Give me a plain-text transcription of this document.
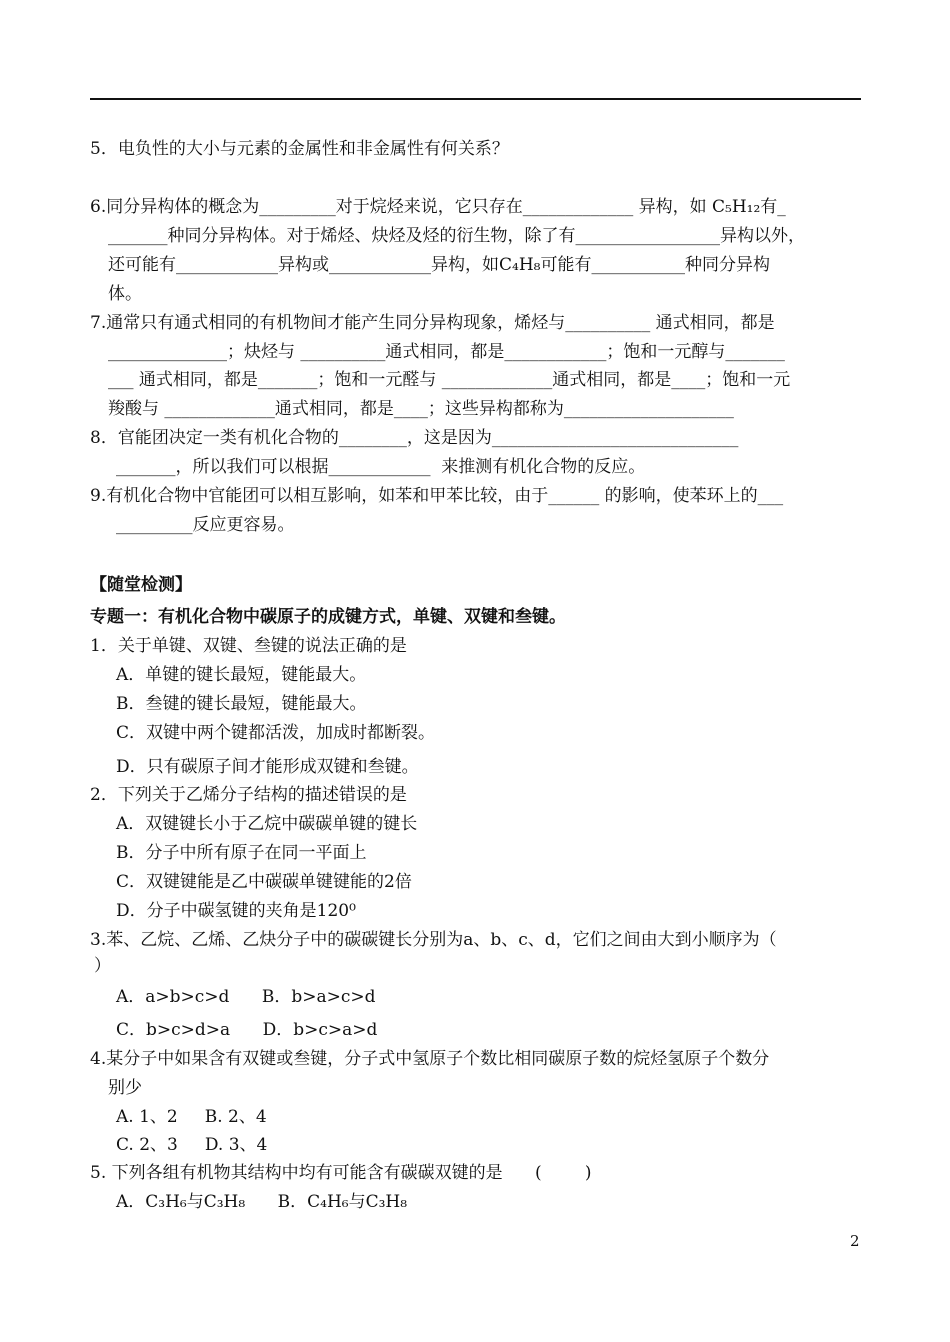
5．电负性的大小与元素的金属性和非金属性有何关系？
6.同分异构体的概念为_________对于烷烃来说，它只存在_____________ 异构，如 C₅H₁₂有_
_______种同分异构体。对于烯烃、炔烃及烃的衍生物，除了有_________________异构以外，
还可能有____________异构或____________异构，如C₄H₈可能有___________种同分异构
体。
7.通常只有通式相同的有机物间才能产生同分异构现象，烯烃与__________ 通式相同，都是
______________；炔烃与 __________通式相同，都是____________；饱和一元醇与_______
___ 通式相同，都是_______；饱和一元醛与 _____________通式相同，都是____；饱和一元
羧酸与 _____________通式相同，都是____；这些异构都称为____________________
8．官能团决定一类有机化合物的________，这是因为_____________________________
_______，所以我们可以根据____________  来推测有机化合物的反应。
9.有机化合物中官能团可以相互影响，如苯和甲苯比较，由于______ 的影响，使苯环上的___
_________反应更容易。
【随堂检测】
专题一：有机化合物中碳原子的成键方式，单键、双键和叁键。
1．关于单键、双键、叁键的说法正确的是
A．单键的键长最短，键能最大。
B．叁键的键长最短，键能最大。
C．双键中两个键都活泼，加成时都断裂。
D．只有碳原子间才能形成双键和叁键。
2．下列关于乙烯分子结构的描述错误的是
A．双键键长小于乙烷中碳碳单键的键长
B．分子中所有原子在同一平面上
C．双键键能是乙中碳碳单键键能的2倍
D．分子中碳氢键的夹角是120⁰
3.苯、乙烷、乙烯、乙炔分子中的碳碳键长分别为a、b、c、d，它们之间由大到小顺序为（
）
A．a>b>c>d      B．b>a>c>d
C．b>c>d>a      D．b>c>a>d
4.某分子中如果含有双键或叁键，分子式中氢原子个数比相同碳原子数的烷烃氢原子个数分
别少
A. 1、2     B. 2、4
C. 2、3     D. 3、4
5. 下列各组有机物其结构中均有可能含有碳碳双键的是      (        )
A．C₃H₆与C₃H₈      B．C₄H₆与C₃H₈
2
